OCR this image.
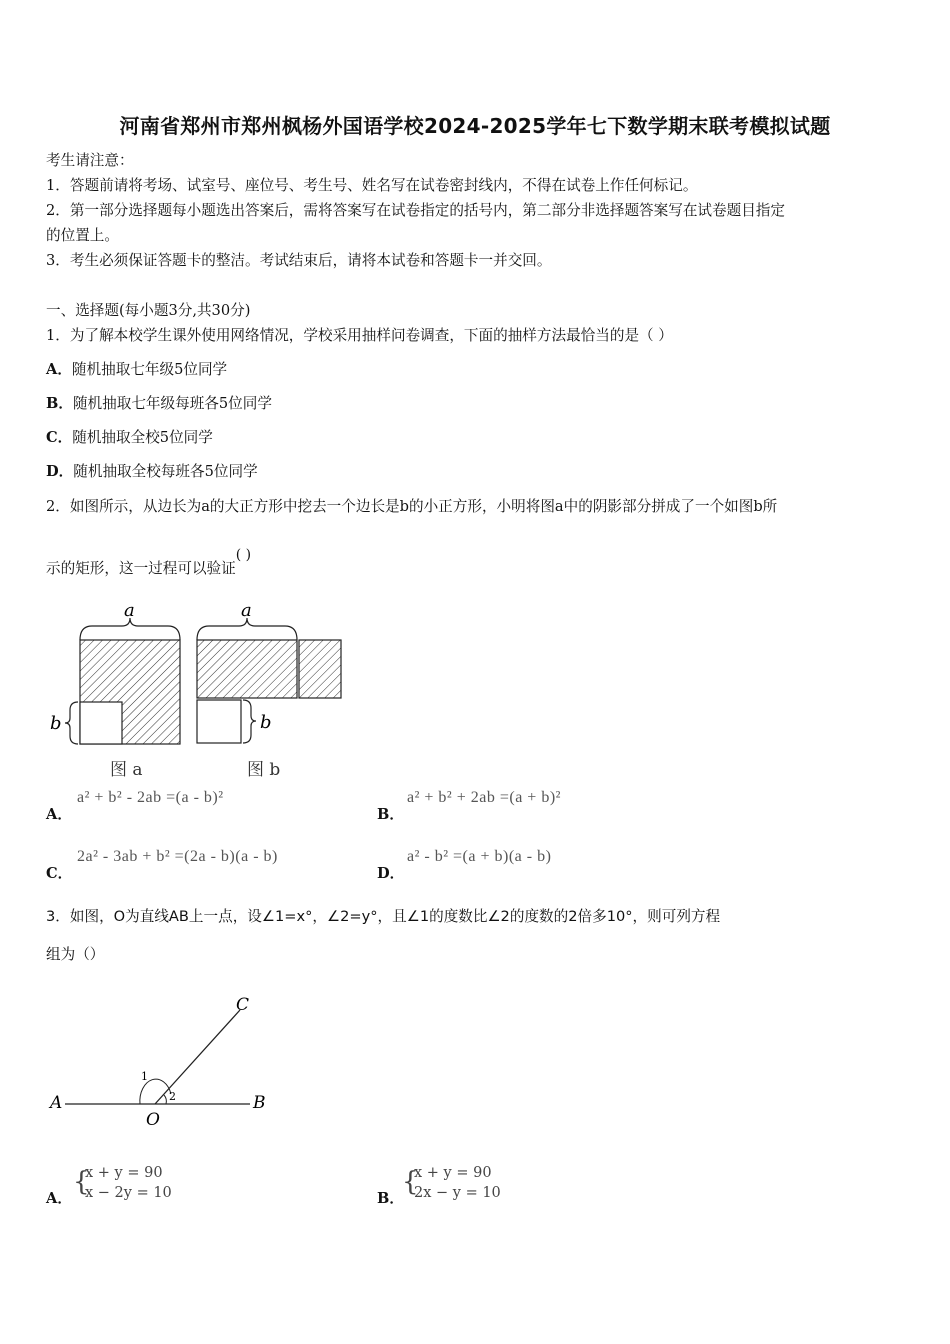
河南省郑州市郑州枫杨外国语学校2024-2025学年七下数学期末联考模拟试题
考生请注意：
1．答题前请将考场、试室号、座位号、考生号、姓名写在试卷密封线内，不得在试卷上作任何标记。
2．第一部分选择题每小题选出答案后，需将答案写在试卷指定的括号内，第二部分非选择题答案写在试卷题目指定
的位置上。
3．考生必须保证答题卡的整洁。考试结束后，请将本试卷和答题卡一并交回。
一、选择题(每小题3分,共30分)
1．为了解本校学生课外使用网络情况，学校采用抽样问卷调查，下面的抽样方法最恰当的是（ ）
A．随机抽取七年级5位同学
B．随机抽取七年级每班各5位同学
C．随机抽取全校5位同学
D．随机抽取全校每班各5位同学
2．如图所示，从边长为a的大正方形中挖去一个边长是b的小正方形，小明将图a中的阴影部分拼成了一个如图b所
示的矩形，这一过程可以验证( )
a
b
图 a
a
b
图 b
A．
a² + b² - 2ab =(a - b)²
B．
a² + b² + 2ab =(a + b)²
C．
2a² - 3ab + b² =(2a - b)(a - b)
D．
a² - b² =(a + b)(a - b)
3．如图，O为直线AB上一点，设∠1=x°，∠2=y°，且∠1的度数比∠2的度数的2倍多10°，则可列方程
组为（）
A	B
C
O
1
2
A．
{
x + y = 90
x − 2y = 10	B．
{
x + y = 90
2x − y = 10
